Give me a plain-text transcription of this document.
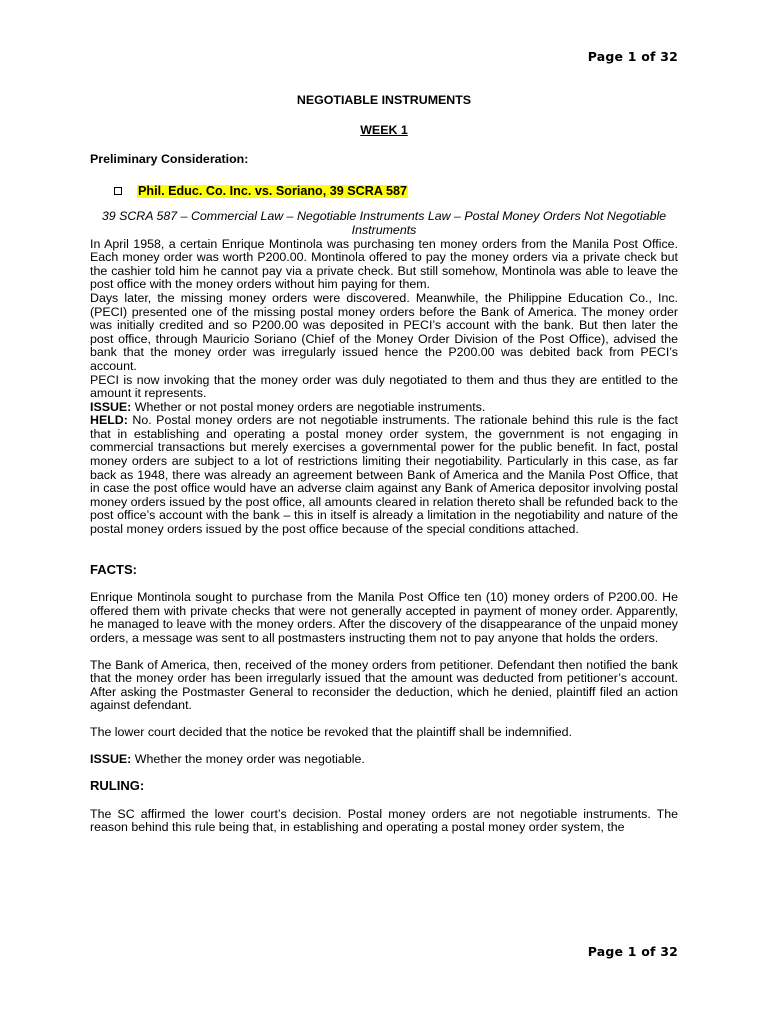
Page 1 of 32
NEGOTIABLE INSTRUMENTS
WEEK 1
Preliminary Consideration:
Phil. Educ. Co. Inc. vs. Soriano, 39 SCRA 587

39 SCRA 587 – Commercial Law – Negotiable Instruments Law – Postal Money Orders Not Negotiable Instruments

In April 1958, a certain Enrique Montinola was purchasing ten money orders from the Manila Post Office. Each money order was worth P200.00. Montinola offered to pay the money orders via a private check but the cashier told him he cannot pay via a private check. But still somehow, Montinola was able to leave the post office with the money orders without him paying for them.

Days later, the missing money orders were discovered. Meanwhile, the Philippine Education Co., Inc. (PECI) presented one of the missing postal money orders before the Bank of America. The money order was initially credited and so P200.00 was deposited in PECI’s account with the bank. But then later the post office, through Mauricio Soriano (Chief of the Money Order Division of the Post Office), advised the bank that the money order was irregularly issued hence the P200.00 was debited back from PECI’s account.

PECI is now invoking that the money order was duly negotiated to them and thus they are entitled to the amount it represents.

ISSUE: Whether or not postal money orders are negotiable instruments.

HELD: No. Postal money orders are not negotiable instruments. The rationale behind this rule is the fact that in establishing and operating a postal money order system, the government is not engaging in commercial transactions but merely exercises a governmental power for the public benefit. In fact, postal money orders are subject to a lot of restrictions limiting their negotiability. Particularly in this case, as far back as 1948, there was already an agreement between Bank of America and the Manila Post Office, that in case the post office would have an adverse claim against any Bank of America depositor involving postal money orders issued by the post office, all amounts cleared in relation thereto shall be refunded back to the post office’s account with the bank – this in itself is already a limitation in the negotiability and nature of the postal money orders issued by the post office because of the special conditions attached.

FACTS:

Enrique Montinola sought to purchase from the Manila Post Office ten (10) money orders of P200.00. He offered them with private checks that were not generally accepted in payment of money order. Apparently, he managed to leave with the money orders. After the discovery of the disappearance of the unpaid money orders, a message was sent to all postmasters instructing them not to pay anyone that holds the orders.

The Bank of America, then, received of the money orders from petitioner. Defendant then notified the bank that the money order has been irregularly issued that the amount was deducted from petitioner’s account. After asking the Postmaster General to reconsider the deduction, which he denied, plaintiff filed an action against defendant.

The lower court decided that the notice be revoked that the plaintiff shall be indemnified.

ISSUE: Whether the money order was negotiable.

RULING:

The SC affirmed the lower court’s decision. Postal money orders are not negotiable instruments. The reason behind this rule being that, in establishing and operating a postal money order system, the

Page 1 of 32
